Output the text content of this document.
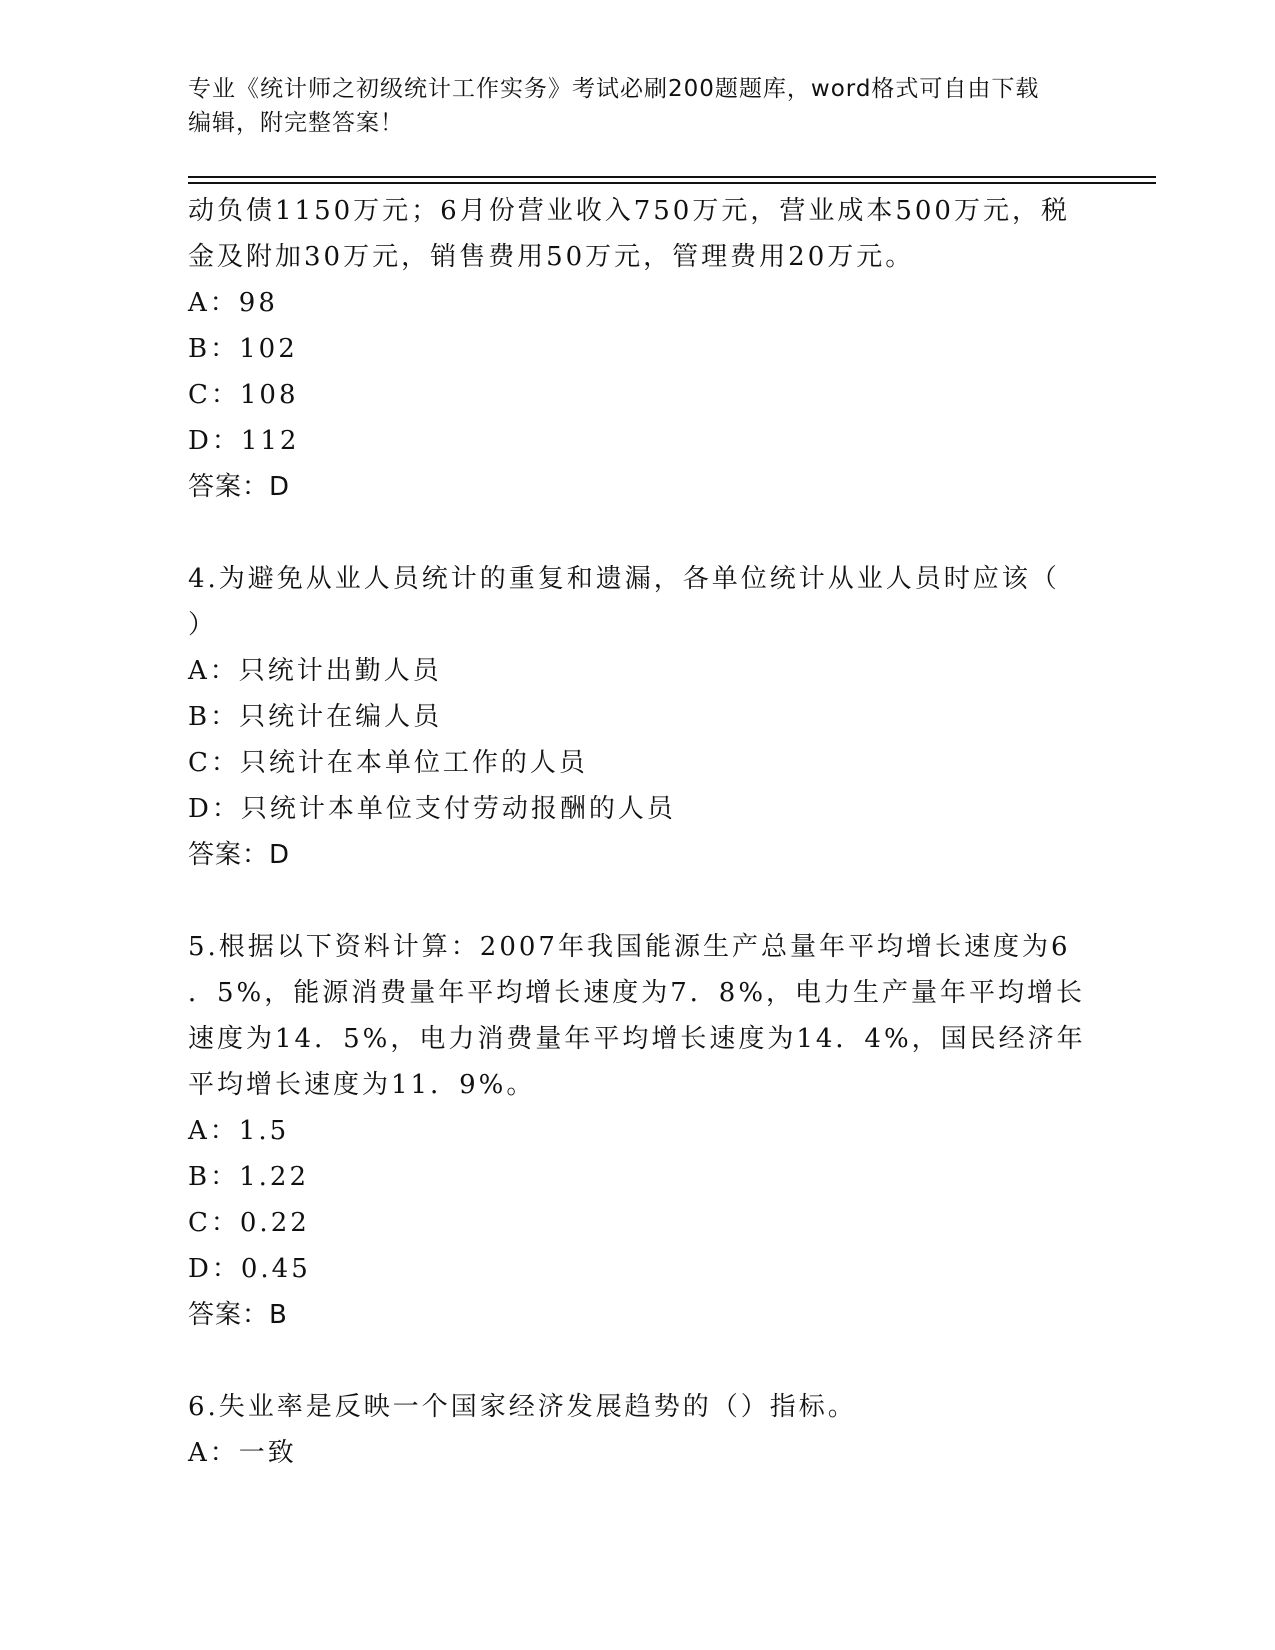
专业《统计师之初级统计工作实务》考试必刷200题题库，word格式可自由下载
编辑，附完整答案！
动负债1150万元；6月份营业收入750万元，营业成本500万元，税
金及附加30万元，销售费用50万元，管理费用20万元。
A：98
B：102
C：108
D：112
答案：D
4.为避免从业人员统计的重复和遗漏，各单位统计从业人员时应该（
）
A：只统计出勤人员
B：只统计在编人员
C：只统计在本单位工作的人员
D：只统计本单位支付劳动报酬的人员
答案：D
5.根据以下资料计算：2007年我国能源生产总量年平均增长速度为6
．5%，能源消费量年平均增长速度为7．8%，电力生产量年平均增长
速度为14．5%，电力消费量年平均增长速度为14．4%，国民经济年
平均增长速度为11．9%。
A：1.5
B：1.22
C：0.22
D：0.45
答案：B
6.失业率是反映一个国家经济发展趋势的（）指标。
A：一致
